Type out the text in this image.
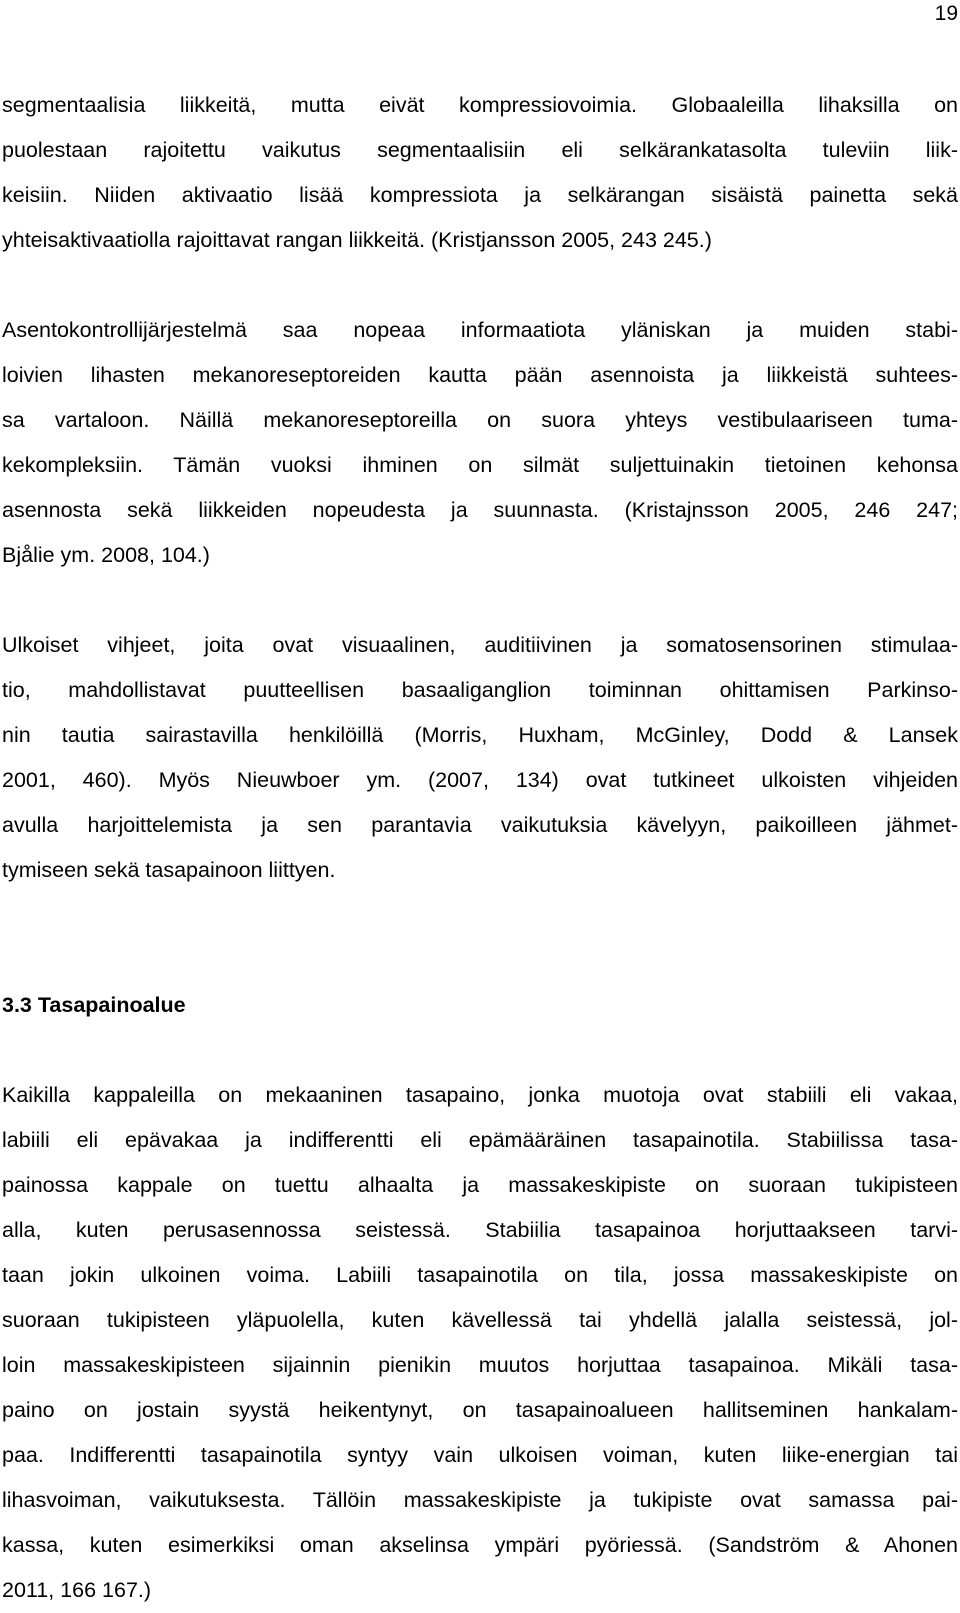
19
segmentaalisia liikkeitä, mutta eivät kompressiovoimia. Globaaleilla lihaksilla on
puolestaan rajoitettu vaikutus segmentaalisiin eli selkärankatasolta tuleviin liik-
keisiin. Niiden aktivaatio lisää kompressiota ja selkärangan sisäistä painetta sekä
yhteisaktivaatiolla rajoittavat rangan liikkeitä. (Kristjansson 2005, 243 245.)
Asentokontrollijärjestelmä saa nopeaa informaatiota yläniskan ja muiden stabi-
loivien lihasten mekanoreseptoreiden kautta pään asennoista ja liikkeistä suhtees-
sa vartaloon. Näillä mekanoreseptoreilla on suora yhteys vestibulaariseen tuma-
kekompleksiin. Tämän vuoksi ihminen on silmät suljettuinakin tietoinen kehonsa
asennosta sekä liikkeiden nopeudesta ja suunnasta. (Kristajnsson 2005, 246 247;
Bjålie ym. 2008, 104.)
Ulkoiset vihjeet, joita ovat visuaalinen, auditiivinen ja somatosensorinen stimulaa-
tio, mahdollistavat puutteellisen basaaliganglion toiminnan ohittamisen Parkinso-
nin tautia sairastavilla henkilöillä (Morris, Huxham, McGinley, Dodd & Lansek
2001, 460). Myös Nieuwboer ym. (2007, 134) ovat tutkineet ulkoisten vihjeiden
avulla harjoittelemista ja sen parantavia vaikutuksia kävelyyn, paikoilleen jähmet-
tymiseen sekä tasapainoon liittyen.
3.3 Tasapainoalue
Kaikilla kappaleilla on mekaaninen tasapaino, jonka muotoja ovat stabiili eli vakaa,
labiili eli epävakaa ja indifferentti eli epämääräinen tasapainotila. Stabiilissa tasa-
painossa kappale on tuettu alhaalta ja massakeskipiste on suoraan tukipisteen
alla, kuten perusasennossa seistessä. Stabiilia tasapainoa horjuttaakseen tarvi-
taan jokin ulkoinen voima. Labiili tasapainotila on tila, jossa massakeskipiste on
suoraan tukipisteen yläpuolella, kuten kävellessä tai yhdellä jalalla seistessä, jol-
loin massakeskipisteen sijainnin pienikin muutos horjuttaa tasapainoa. Mikäli tasa-
paino on jostain syystä heikentynyt, on tasapainoalueen hallitseminen hankalam-
paa. Indifferentti tasapainotila syntyy vain ulkoisen voiman, kuten liike-energian tai
lihasvoiman, vaikutuksesta. Tällöin massakeskipiste ja tukipiste ovat samassa pai-
kassa, kuten esimerkiksi oman akselinsa ympäri pyöriessä. (Sandström & Ahonen
2011, 166 167.)
